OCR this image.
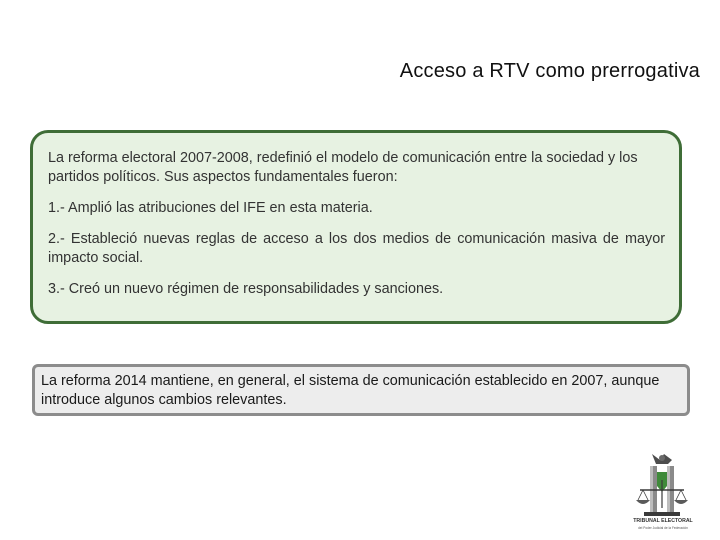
Acceso a RTV como prerrogativa

La reforma electoral 2007-2008, redefinió el modelo de comunicación entre la sociedad y los partidos políticos. Sus aspectos fundamentales fueron:

1.- Amplió las atribuciones del IFE en esta materia.

2.- Estableció nuevas reglas de acceso a los dos medios de comunicación masiva de mayor impacto social.

3.- Creó un nuevo régimen de responsabilidades y sanciones.

La reforma 2014 mantiene, en general, el sistema de comunicación establecido en 2007, aunque introduce algunos cambios relevantes.
TRIBUNAL ELECTORAL
del Poder Judicial de la Federación
